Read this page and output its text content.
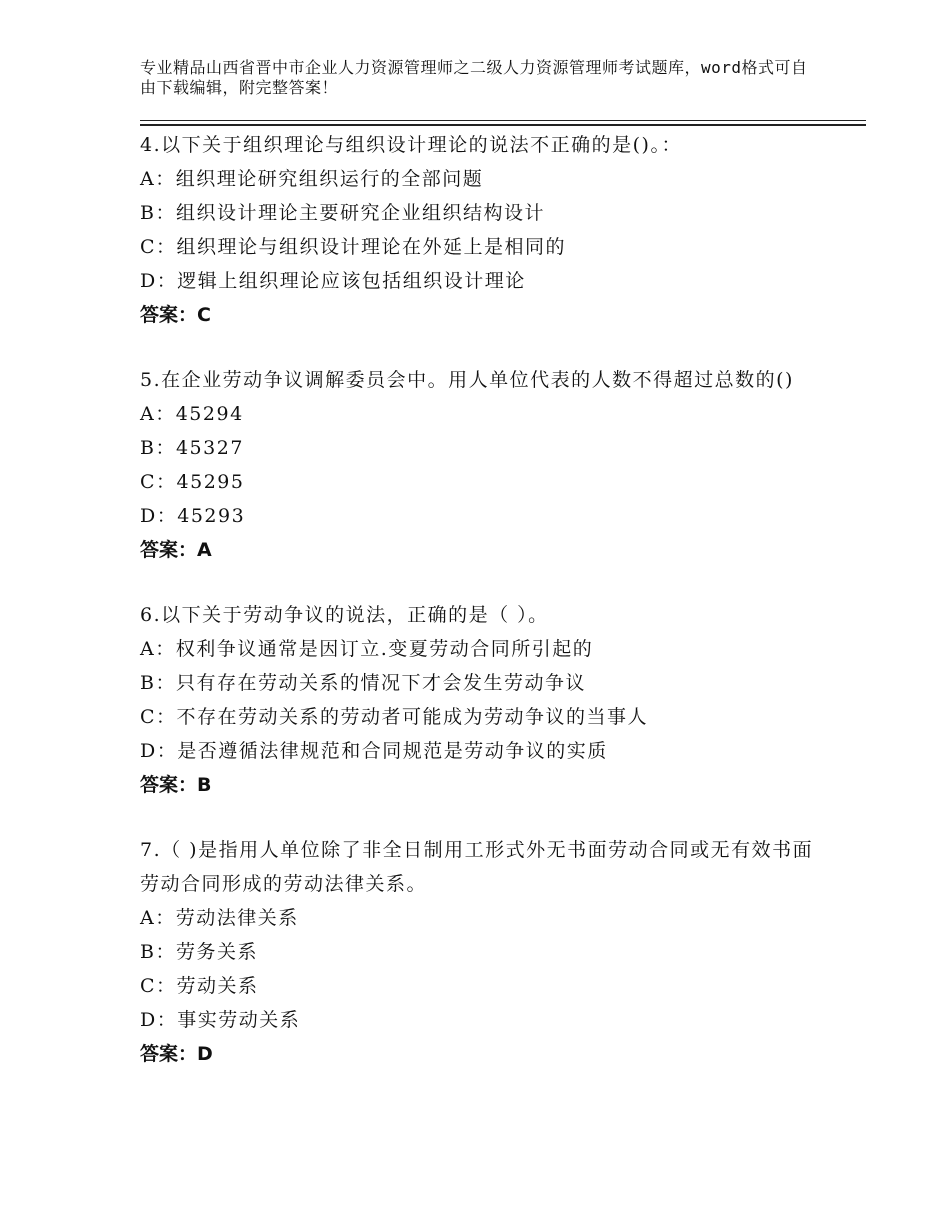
专业精品山西省晋中市企业人力资源管理师之二级人力资源管理师考试题库，word格式可自由下载编辑，附完整答案！
4.以下关于组织理论与组织设计理论的说法不正确的是()。：
A：组织理论研究组织运行的全部问题
B：组织设计理论主要研究企业组织结构设计
C：组织理论与组织设计理论在外延上是相同的
D：逻辑上组织理论应该包括组织设计理论
答案：C
5.在企业劳动争议调解委员会中。用人单位代表的人数不得超过总数的()
A：45294
B：45327
C：45295
D：45293
答案：A
6.以下关于劳动争议的说法，正确的是（ ）。
A：权利争议通常是因订立.变夏劳动合同所引起的
B：只有存在劳动关系的情况下才会发生劳动争议
C：不存在劳动关系的劳动者可能成为劳动争议的当事人
D：是否遵循法律规范和合同规范是劳动争议的实质
答案：B
7.（ )是指用人单位除了非全日制用工形式外无书面劳动合同或无有效书面劳动合同形成的劳动法律关系。
A：劳动法律关系
B：劳务关系
C：劳动关系
D：事实劳动关系
答案：D
